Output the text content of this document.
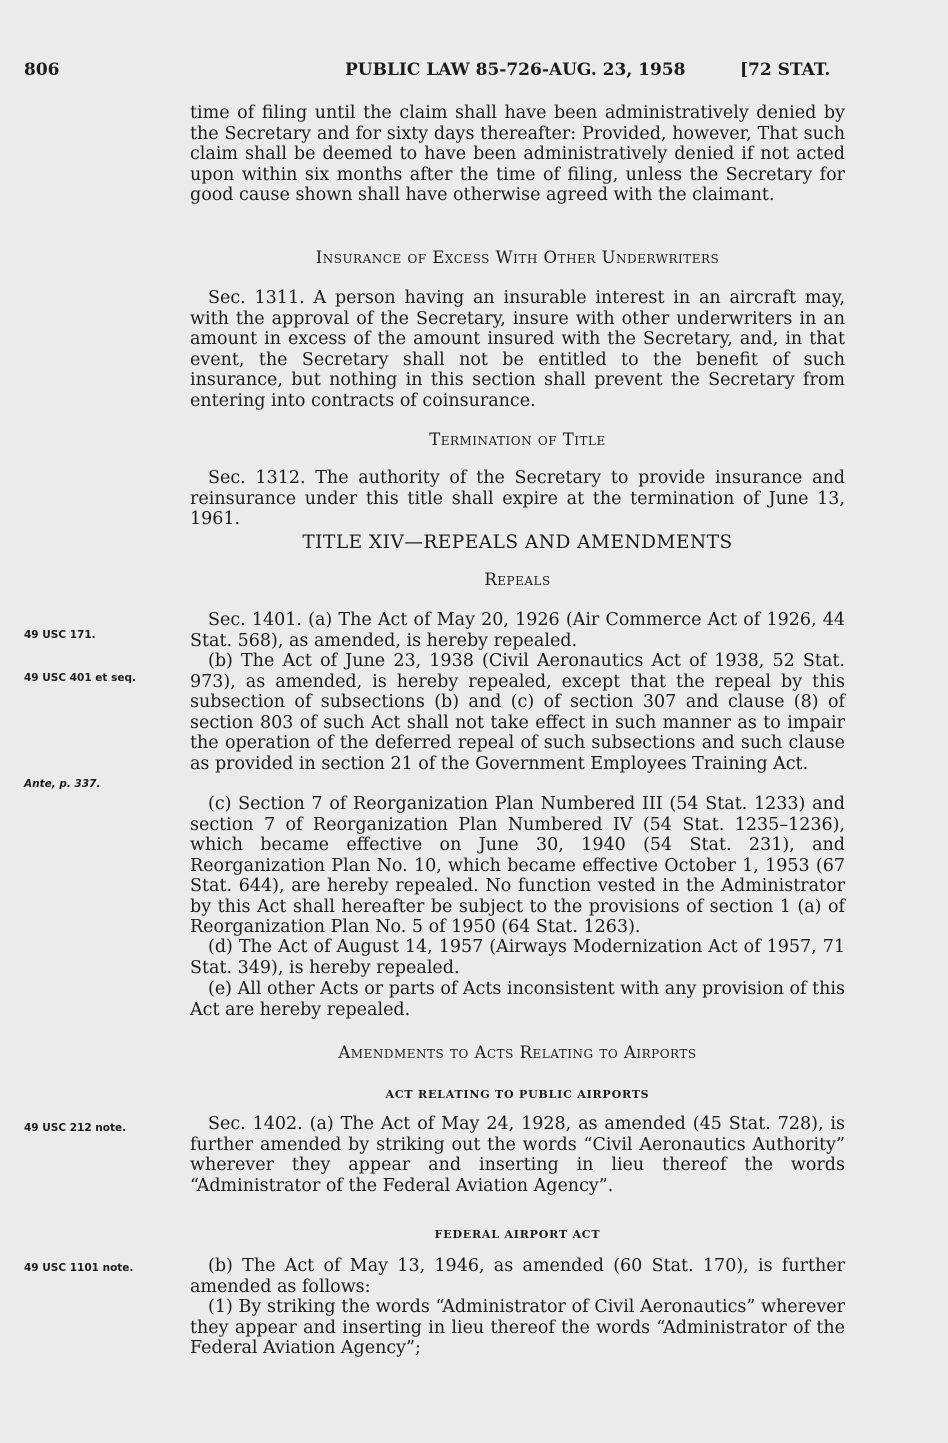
806	PUBLIC LAW 85-726-AUG. 23, 1958	[72 STAT.
time of filing until the claim shall have been administratively denied by the Secretary and for sixty days thereafter: Provided, however, That such claim shall be deemed to have been administratively denied if not acted upon within six months after the time of filing, unless the Secretary for good cause shown shall have otherwise agreed with the claimant.
Insurance of Excess With Other Underwriters
Sec. 1311. A person having an insurable interest in an aircraft may, with the approval of the Secretary, insure with other underwriters in an amount in excess of the amount insured with the Secretary, and, in that event, the Secretary shall not be entitled to the benefit of such insurance, but nothing in this section shall prevent the Secretary from entering into contracts of coinsurance.
Termination of Title
Sec. 1312. The authority of the Secretary to provide insurance and reinsurance under this title shall expire at the termination of June 13, 1961.
TITLE XIV—REPEALS AND AMENDMENTS
Repeals
Sec. 1401. (a) The Act of May 20, 1926 (Air Commerce Act of 1926, 44 Stat. 568), as amended, is hereby repealed.
(b) The Act of June 23, 1938 (Civil Aeronautics Act of 1938, 52 Stat. 973), as amended, is hereby repealed, except that the repeal by this subsection of subsections (b) and (c) of section 307 and clause (8) of section 803 of such Act shall not take effect in such manner as to impair the operation of the deferred repeal of such subsections and such clause as provided in section 21 of the Government Employees Training Act.
(c) Section 7 of Reorganization Plan Numbered III (54 Stat. 1233) and section 7 of Reorganization Plan Numbered IV (54 Stat. 1235–1236), which became effective on June 30, 1940 (54 Stat. 231), and Reorganization Plan No. 10, which became effective October 1, 1953 (67 Stat. 644), are hereby repealed. No function vested in the Administrator by this Act shall hereafter be subject to the provisions of section 1 (a) of Reorganization Plan No. 5 of 1950 (64 Stat. 1263).
(d) The Act of August 14, 1957 (Airways Modernization Act of 1957, 71 Stat. 349), is hereby repealed.
(e) All other Acts or parts of Acts inconsistent with any provision of this Act are hereby repealed.
Amendments to Acts Relating to Airports
ACT RELATING TO PUBLIC AIRPORTS
Sec. 1402. (a) The Act of May 24, 1928, as amended (45 Stat. 728), is further amended by striking out the words “Civil Aeronautics Authority” wherever they appear and inserting in lieu thereof the words “Administrator of the Federal Aviation Agency”.
FEDERAL AIRPORT ACT
(b) The Act of May 13, 1946, as amended (60 Stat. 170), is further amended as follows:
(1) By striking the words “Administrator of Civil Aeronautics” wherever they appear and inserting in lieu thereof the words “Administrator of the Federal Aviation Agency”;
49 USC 171.
49 USC 401 et seq.
Ante, p. 337.
49 USC 212 note.
49 USC 1101 note.
